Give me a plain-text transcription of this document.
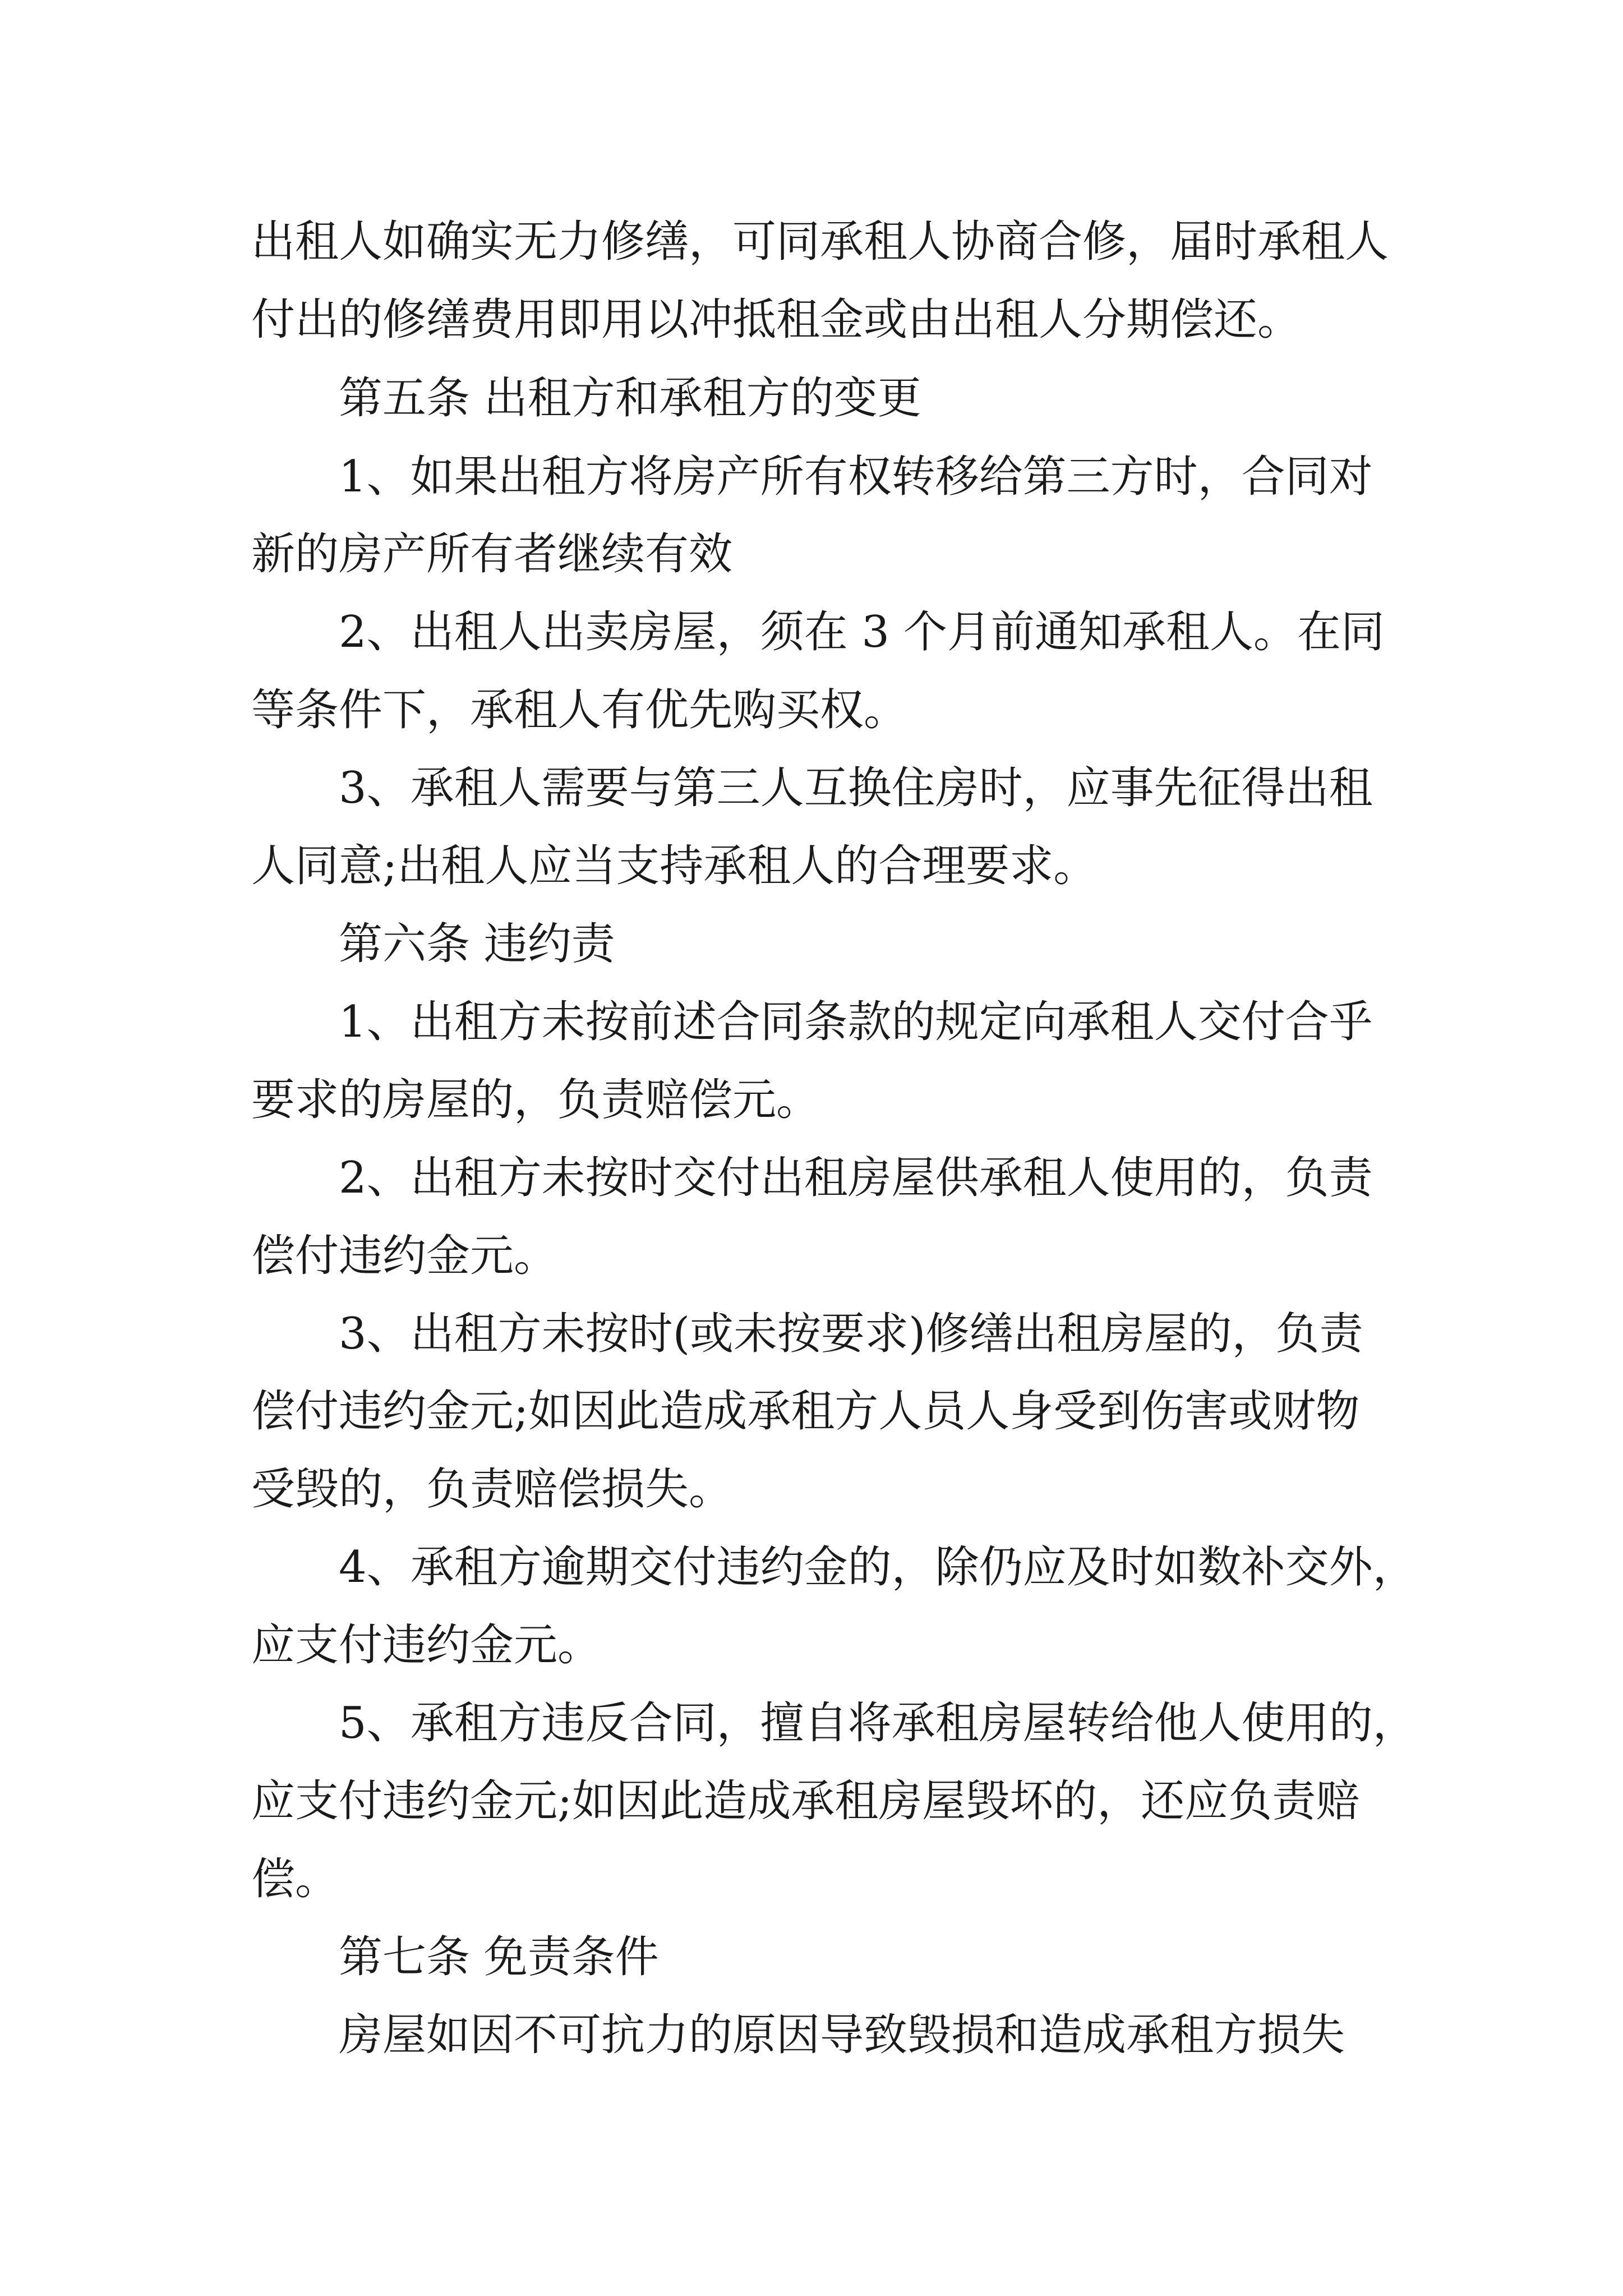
出租人如确实无力修缮，可同承租人协商合修，届时承租人
付出的修缮费用即用以冲抵租金或由出租人分期偿还。
第五条 出租方和承租方的变更
1、如果出租方将房产所有权转移给第三方时，合同对
新的房产所有者继续有效
2、出租人出卖房屋，须在 3 个月前通知承租人。在同
等条件下，承租人有优先购买权。
3、承租人需要与第三人互换住房时，应事先征得出租
人同意;出租人应当支持承租人的合理要求。
第六条 违约责
1、出租方未按前述合同条款的规定向承租人交付合乎
要求的房屋的，负责赔偿元。
2、出租方未按时交付出租房屋供承租人使用的，负责
偿付违约金元。
3、出租方未按时(或未按要求)修缮出租房屋的，负责
偿付违约金元;如因此造成承租方人员人身受到伤害或财物
受毁的，负责赔偿损失。
4、承租方逾期交付违约金的，除仍应及时如数补交外，
应支付违约金元。
5、承租方违反合同，擅自将承租房屋转给他人使用的，
应支付违约金元;如因此造成承租房屋毁坏的，还应负责赔
偿。
第七条 免责条件
房屋如因不可抗力的原因导致毁损和造成承租方损失
